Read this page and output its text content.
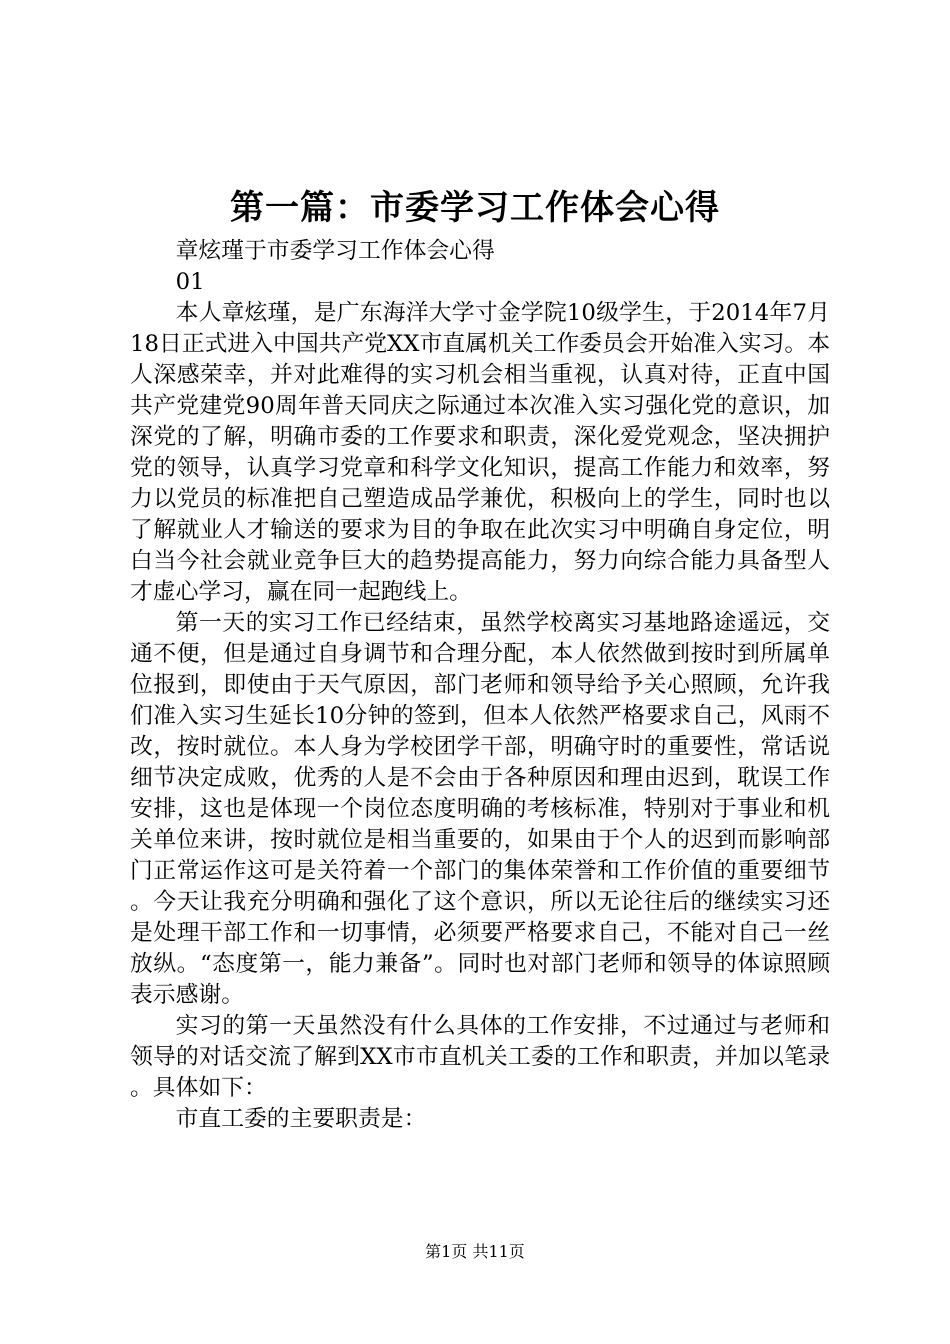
第一篇：市委学习工作体会心得

章炫瑾于市委学习工作体会心得

01

本人章炫瑾，是广东海洋大学寸金学院10级学生，于2014年7月18日正式进入中国共产党XX市直属机关工作委员会开始准入实习。本人深感荣幸，并对此难得的实习机会相当重视，认真对待，正直中国共产党建党90周年普天同庆之际通过本次准入实习强化党的意识，加深党的了解，明确市委的工作要求和职责，深化爱党观念，坚决拥护党的领导，认真学习党章和科学文化知识，提高工作能力和效率，努力以党员的标准把自己塑造成品学兼优，积极向上的学生，同时也以了解就业人才输送的要求为目的争取在此次实习中明确自身定位，明白当今社会就业竞争巨大的趋势提高能力，努力向综合能力具备型人才虚心学习，赢在同一起跑线上。

第一天的实习工作已经结束，虽然学校离实习基地路途遥远，交通不便，但是通过自身调节和合理分配，本人依然做到按时到所属单位报到，即使由于天气原因，部门老师和领导给予关心照顾，允许我们准入实习生延长10分钟的签到，但本人依然严格要求自己，风雨不改，按时就位。本人身为学校团学干部，明确守时的重要性，常话说细节决定成败，优秀的人是不会由于各种原因和理由迟到，耽误工作安排，这也是体现一个岗位态度明确的考核标准，特别对于事业和机关单位来讲，按时就位是相当重要的，如果由于个人的迟到而影响部门正常运作这可是关符着一个部门的集体荣誉和工作价值的重要细节。今天让我充分明确和强化了这个意识，所以无论往后的继续实习还是处理干部工作和一切事情，必须要严格要求自己，不能对自己一丝放纵。“态度第一，能力兼备”。同时也对部门老师和领导的体谅照顾表示感谢。

实习的第一天虽然没有什么具体的工作安排，不过通过与老师和领导的对话交流了解到XX市市直机关工委的工作和职责，并加以笔录。具体如下：

市直工委的主要职责是：

第1页 共11页
